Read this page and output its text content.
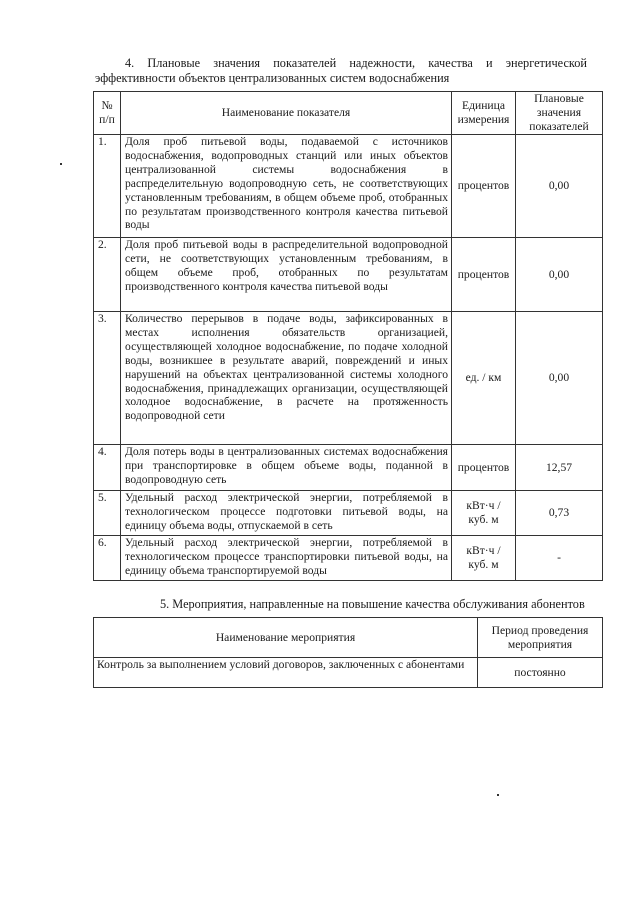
4. Плановые значения показателей надежности, качества и энергетической
эффективности объектов централизованных систем водоснабжения
№ п/п	Наименование показателя	Единица измерения	Плановые значения показателей
1.	Доля проб питьевой воды, подаваемой с источников водоснабжения, водопроводных станций или иных объектов централизованной системы водоснабжения в распределительную водопроводную сеть, не соответствующих установленным требованиям, в общем объеме проб, отобранных по результатам производственного контроля качества питьевой воды	процентов	0,00
2.	Доля проб питьевой воды в распределительной водопроводной сети, не соответствующих установленным требованиям, в общем объеме проб, отобранных по результатам производственного контроля качества питьевой воды	процентов	0,00
3.	Количество перерывов в подаче воды, зафиксированных в местах исполнения обязательств организацией, осуществляющей холодное водоснабжение, по подаче холодной воды, возникшее в результате аварий, повреждений и иных нарушений на объектах централизованной системы холодного водоснабжения, принадлежащих организации, осуществляющей холодное водоснабжение, в расчете на протяженность водопроводной сети	ед. / км	0,00
4.	Доля потерь воды в централизованных системах водоснабжения при транспортировке в общем объеме воды, поданной в водопроводную сеть	процентов	12,57
5.	Удельный расход электрической энергии, потребляемой в технологическом процессе подготовки питьевой воды, на единицу объема воды, отпускаемой в сеть	кВт·ч / куб. м	0,73
6.	Удельный расход электрической энергии, потребляемой в технологическом процессе транспортировки питьевой воды, на единицу объема транспортируемой воды	кВт·ч / куб. м	-
5. Мероприятия, направленные на повышение качества обслуживания абонентов
Наименование мероприятия	Период проведения мероприятия
Контроль за выполнением условий договоров, заключенных с абонентами	постоянно
